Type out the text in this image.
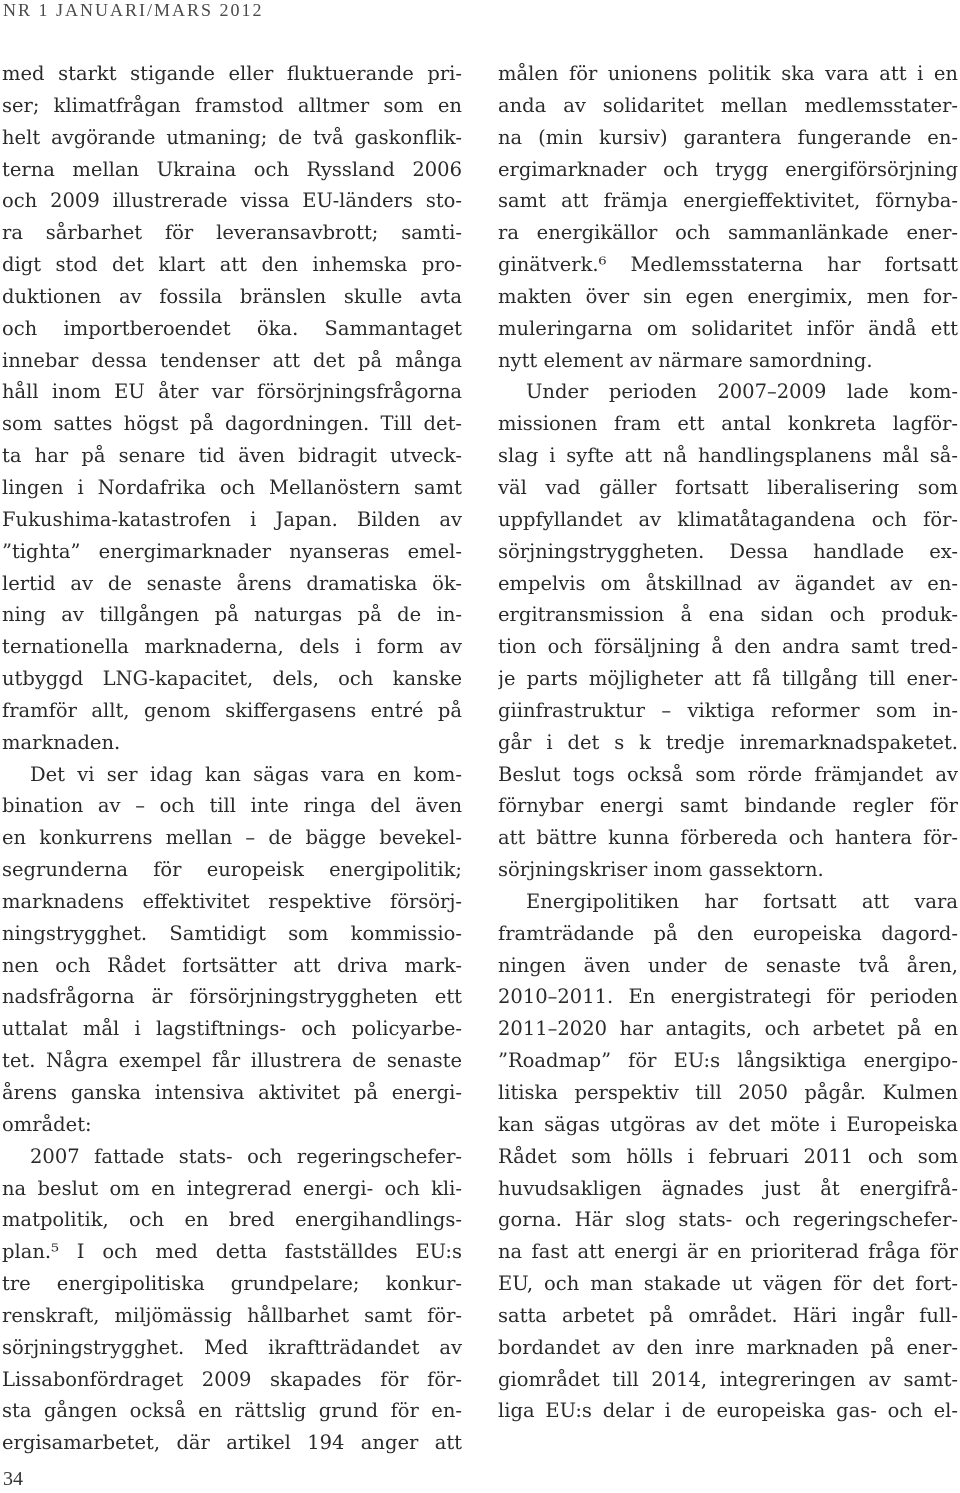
NR 1 JANUARI/MARS 2012
med starkt stigande eller fluktuerande pri-
ser; klimatfrågan framstod alltmer som en
helt avgörande utmaning; de två gaskonflik-
terna mellan Ukraina och Ryssland 2006
och 2009 illustrerade vissa EU-länders sto-
ra sårbarhet för leveransavbrott; samti-
digt stod det klart att den inhemska pro-
duktionen av fossila bränslen skulle avta
och importberoendet öka. Sammantaget
innebar dessa tendenser att det på många
håll inom EU åter var försörjningsfrågorna
som sattes högst på dagordningen. Till det-
ta har på senare tid även bidragit utveck-
lingen i Nordafrika och Mellanöstern samt
Fukushima-katastrofen i Japan. Bilden av
”tighta” energimarknader nyanseras emel-
lertid av de senaste årens dramatiska ök-
ning av tillgången på naturgas på de in-
ternationella marknaderna, dels i form av
utbyggd LNG-kapacitet, dels, och kanske
framför allt, genom skiffergasens entré på
marknaden.
Det vi ser idag kan sägas vara en kom-
bination av – och till inte ringa del även
en konkurrens mellan – de bägge bevekel-
segrunderna för europeisk energipolitik;
marknadens effektivitet respektive försörj-
ningstrygghet. Samtidigt som kommissio-
nen och Rådet fortsätter att driva mark-
nadsfrågorna är försörjningstryggheten ett
uttalat mål i lagstiftnings- och policyarbe-
tet. Några exempel får illustrera de senaste
årens ganska intensiva aktivitet på energi-
området:
2007 fattade stats- och regeringschefer-
na beslut om en integrerad energi- och kli-
matpolitik, och en bred energihandlings-
plan.⁵ I och med detta fastställdes EU:s
tre energipolitiska grundpelare; konkur-
renskraft, miljömässig hållbarhet samt för-
sörjningstrygghet. Med ikraftträdandet av
Lissabonfördraget 2009 skapades för för-
sta gången också en rättslig grund för en-
ergisamarbetet, där artikel 194 anger att
målen för unionens politik ska vara att i en
anda av solidaritet mellan medlemsstater-
na (min kursiv) garantera fungerande en-
ergimarknader och trygg energiförsörjning
samt att främja energieffektivitet, förnyba-
ra energikällor och sammanlänkade ener-
ginätverk.⁶ Medlemsstaterna har fortsatt
makten över sin egen energimix, men for-
muleringarna om solidaritet inför ändå ett
nytt element av närmare samordning.
Under perioden 2007–2009 lade kom-
missionen fram ett antal konkreta lagför-
slag i syfte att nå handlingsplanens mål så-
väl vad gäller fortsatt liberalisering som
uppfyllandet av klimatåtagandena och för-
sörjningstryggheten. Dessa handlade ex-
empelvis om åtskillnad av ägandet av en-
ergitransmission å ena sidan och produk-
tion och försäljning å den andra samt tred-
je parts möjligheter att få tillgång till ener-
giinfrastruktur – viktiga reformer som in-
går i det s k tredje inremarknadspaketet.
Beslut togs också som rörde främjandet av
förnybar energi samt bindande regler för
att bättre kunna förbereda och hantera för-
sörjningskriser inom gassektorn.
Energipolitiken har fortsatt att vara
framträdande på den europeiska dagord-
ningen även under de senaste två åren,
2010–2011. En energistrategi för perioden
2011–2020 har antagits, och arbetet på en
”Roadmap” för EU:s långsiktiga energipo-
litiska perspektiv till 2050 pågår. Kulmen
kan sägas utgöras av det möte i Europeiska
Rådet som hölls i februari 2011 och som
huvudsakligen ägnades just åt energifrå-
gorna. Här slog stats- och regeringschefer-
na fast att energi är en prioriterad fråga för
EU, och man stakade ut vägen för det fort-
satta arbetet på området. Häri ingår full-
bordandet av den inre marknaden på ener-
giområdet till 2014, integreringen av samt-
liga EU:s delar i de europeiska gas- och el-
34
